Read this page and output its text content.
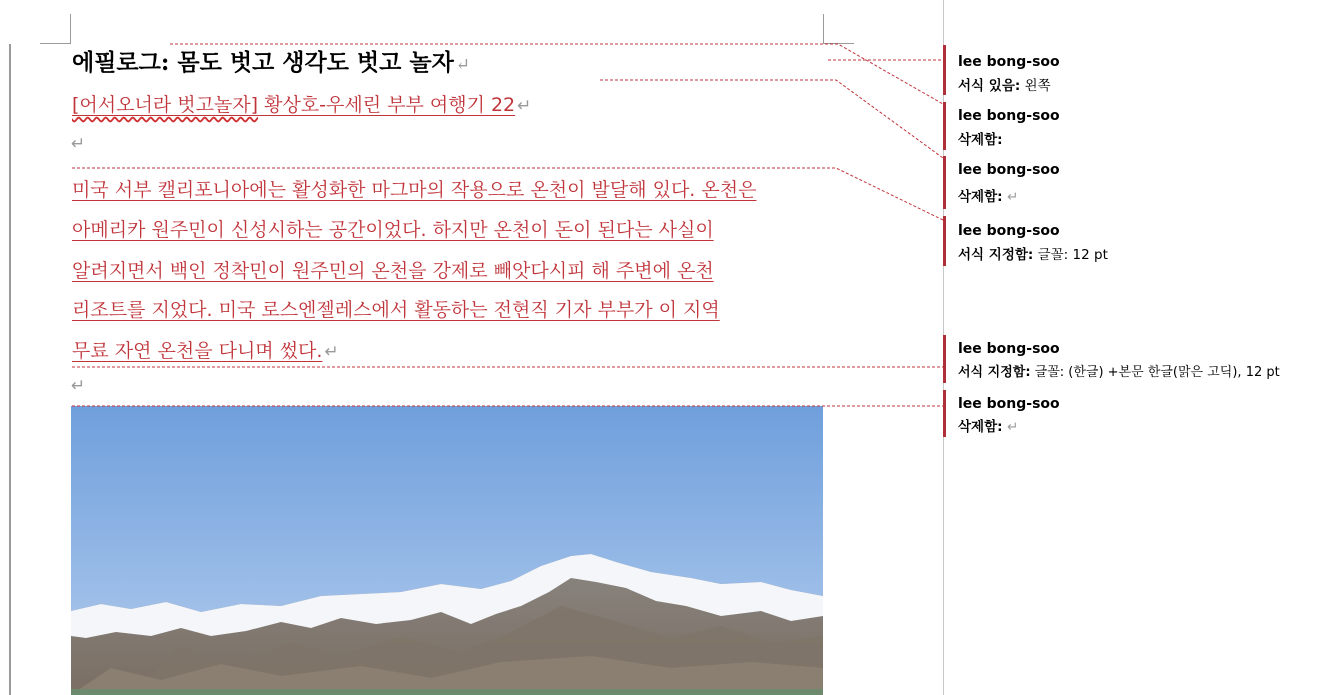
에필로그: 몸도 벗고 생각도 벗고 놀자 ↵
[어서오너라 벗고놀자] 황상호-우세린 부부 여행기 22 ↵
↵
미국 서부 캘리포니아에는 활성화한 마그마의 작용으로 온천이 발달해 있다. 온천은
아메리카 원주민이 신성시하는 공간이었다. 하지만 온천이 돈이 된다는 사실이
알려지면서 백인 정착민이 원주민의 온천을 강제로 빼앗다시피 해 주변에 온천
리조트를 지었다. 미국 로스엔젤레스에서 활동하는 전현직 기자 부부가 이 지역
무료 자연 온천을 다니며 썼다. ↵
↵
lee bong-soo
서식 있음: 왼쪽
lee bong-soo
삭제함:
lee bong-soo
삭제함: ↵
lee bong-soo
서식 지정함: 글꼴: 12 pt
lee bong-soo
서식 지정함: 글꼴: (한글) +본문 한글(맑은 고딕), 12 pt
lee bong-soo
삭제함: ↵
